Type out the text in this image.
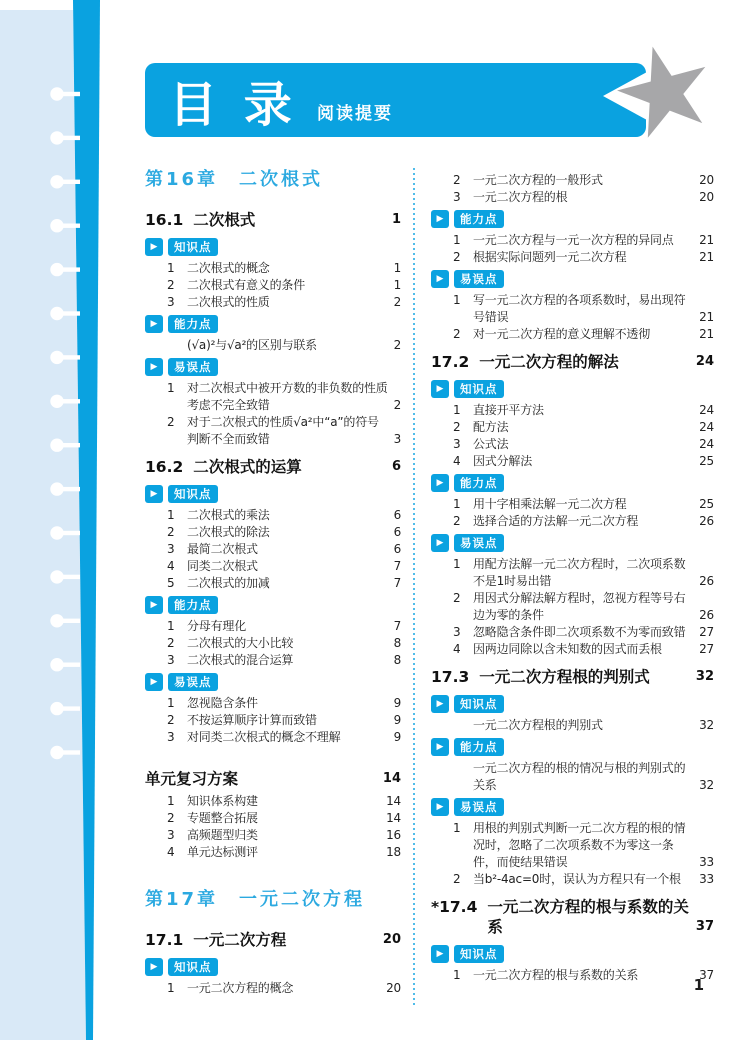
目 录 阅读提要
第16章　二次根式
16.1 二次根式	1
▶	知识点
1	二次根式的概念	1
2	二次根式有意义的条件	1
3	二次根式的性质	2
▶	能力点
(√a)²与√a²的区别与联系	2
▶	易误点
1	对二次根式中被开方数的非负数的性质考虑不完全致错	2
2	对于二次根式的性质√a²中“a”的符号判断不全而致错	3
16.2 二次根式的运算	6
▶	知识点
1	二次根式的乘法	6
2	二次根式的除法	6
3	最简二次根式	6
4	同类二次根式	7
5	二次根式的加减	7
▶	能力点
1	分母有理化	7
2	二次根式的大小比较	8
3	二次根式的混合运算	8
▶	易误点
1	忽视隐含条件	9
2	不按运算顺序计算而致错	9
3	对同类二次根式的概念不理解	9
单元复习方案	14
1	知识体系构建	14
2	专题整合拓展	14
3	高频题型归类	16
4	单元达标测评	18
第17章　一元二次方程
17.1 一元二次方程	20
▶	知识点
1	一元二次方程的概念	20
2	一元二次方程的一般形式	20
3	一元二次方程的根	20
▶	能力点
1	一元二次方程与一元一次方程的异同点	21
2	根据实际问题列一元二次方程	21
▶	易误点
1	写一元二次方程的各项系数时，易出现符号错误	21
2	对一元二次方程的意义理解不透彻	21
17.2 一元二次方程的解法	24
▶	知识点
1	直接开平方法	24
2	配方法	24
3	公式法	24
4	因式分解法	25
▶	能力点
1	用十字相乘法解一元二次方程	25
2	选择合适的方法解一元二次方程	26
▶	易误点
1	用配方法解一元二次方程时，二次项系数不是1时易出错	26
2	用因式分解法解方程时，忽视方程等号右边为零的条件	26
3	忽略隐含条件即二次项系数不为零而致错	27
4	因两边同除以含未知数的因式而丢根	27
17.3 一元二次方程根的判别式	32
▶	知识点
一元二次方程根的判别式	32
▶	能力点
一元二次方程的根的情况与根的判别式的关系	32
▶	易误点
1	用根的判别式判断一元二次方程的根的情况时，忽略了二次项系数不为零这一条件，而使结果错误	33
2	当b²-4ac=0时，误认为方程只有一个根	33
*17.4 一元二次方程的根与系数的关系	37
▶	知识点
1	一元二次方程的根与系数的关系	37
1
